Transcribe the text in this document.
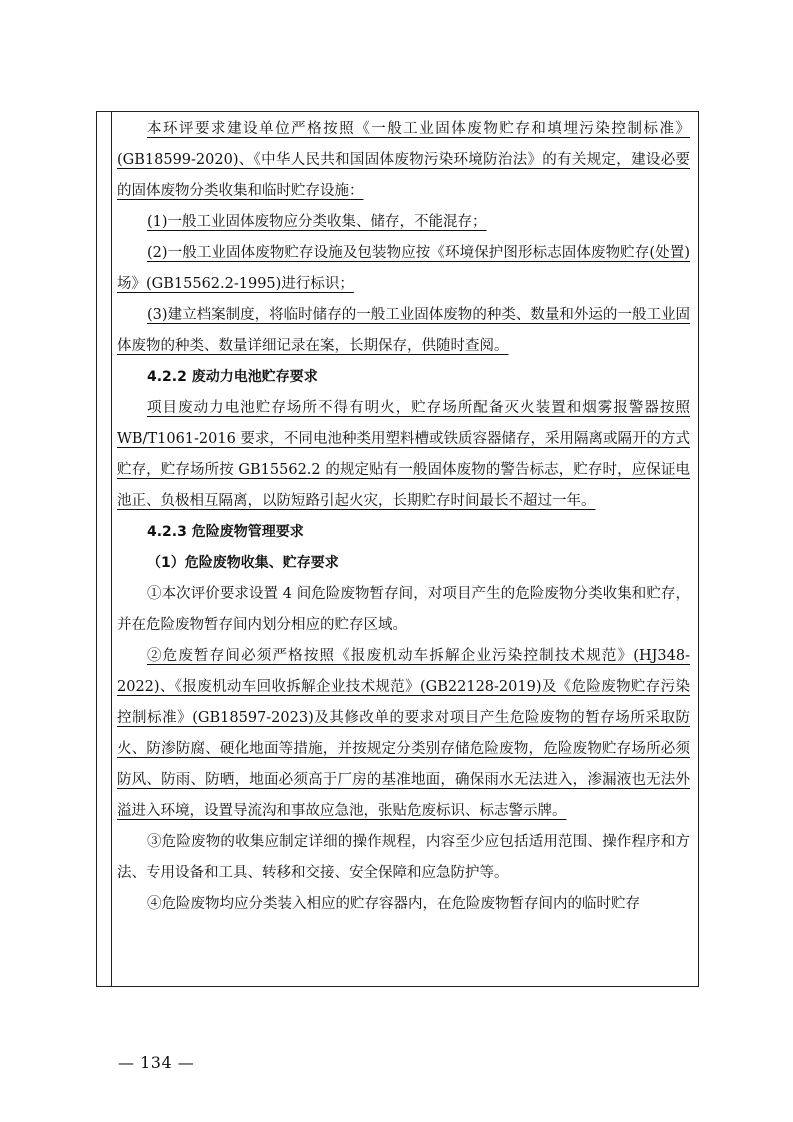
本环评要求建设单位严格按照《一般工业固体废物贮存和填埋污染控制标准》(GB18599-2020)、《中华人民共和国固体废物污染环境防治法》的有关规定，建设必要的固体废物分类收集和临时贮存设施：

(1)一般工业固体废物应分类收集、储存，不能混存；

(2)一般工业固体废物贮存设施及包装物应按《环境保护图形标志固体废物贮存(处置)场》(GB15562.2-1995)进行标识；

(3)建立档案制度，将临时储存的一般工业固体废物的种类、数量和外运的一般工业固体废物的种类、数量详细记录在案，长期保存，供随时查阅。

4.2.2 废动力电池贮存要求

项目废动力电池贮存场所不得有明火，贮存场所配备灭火装置和烟雾报警器按照 WB/T1061-2016 要求，不同电池种类用塑料槽或铁质容器储存，采用隔离或隔开的方式贮存，贮存场所按 GB15562.2 的规定贴有一般固体废物的警告标志，贮存时，应保证电池正、负极相互隔离，以防短路引起火灾，长期贮存时间最长不超过一年。

4.2.3 危险废物管理要求

（1）危险废物收集、贮存要求

①本次评价要求设置 4 间危险废物暂存间，对项目产生的危险废物分类收集和贮存，并在危险废物暂存间内划分相应的贮存区域。

②危废暂存间必须严格按照《报废机动车拆解企业污染控制技术规范》(HJ348-2022)、《报废机动车回收拆解企业技术规范》(GB22128-2019)及《危险废物贮存污染控制标准》(GB18597-2023)及其修改单的要求对项目产生危险废物的暂存场所采取防火、防渗防腐、硬化地面等措施，并按规定分类别存储危险废物，危险废物贮存场所必须防风、防雨、防晒，地面必须高于厂房的基准地面，确保雨水无法进入，渗漏液也无法外溢进入环境，设置导流沟和事故应急池，张贴危废标识、标志警示牌。

③危险废物的收集应制定详细的操作规程，内容至少应包括适用范围、操作程序和方法、专用设备和工具、转移和交接、安全保障和应急防护等。

④危险废物均应分类装入相应的贮存容器内，在危险废物暂存间内的临时贮存

— 134 —
